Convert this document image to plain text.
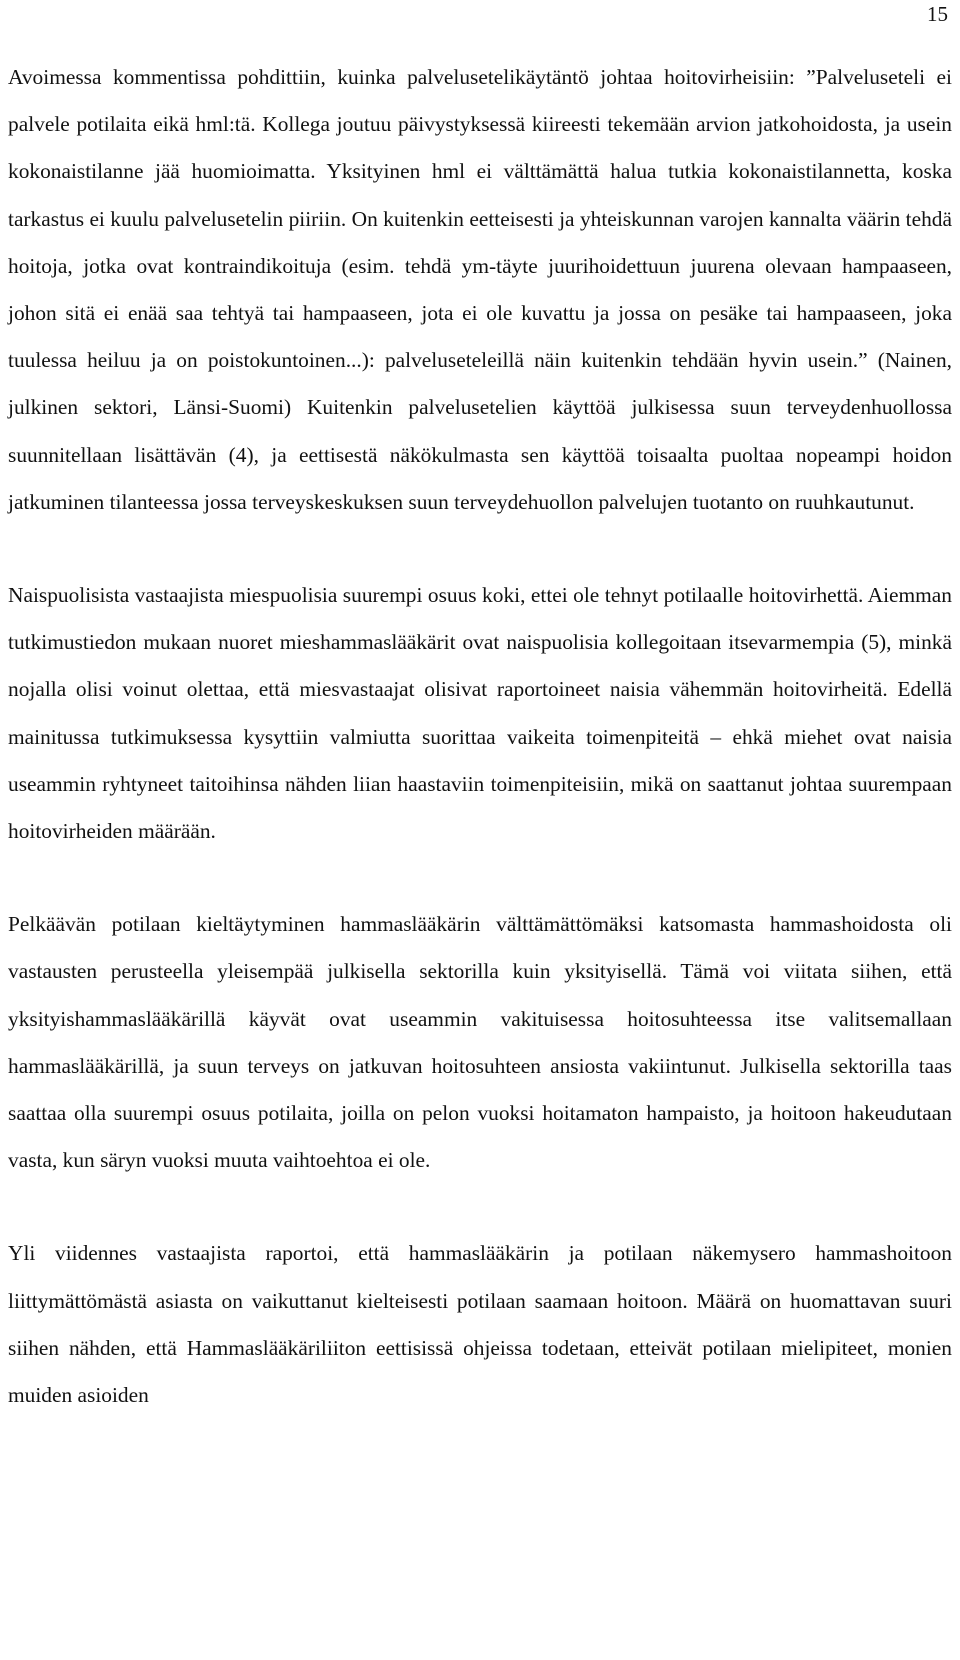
15

Avoimessa kommentissa pohdittiin, kuinka palvelusetelikäytäntö johtaa hoitovirheisiin: ”Palveluseteli ei palvele potilaita eikä hml:tä. Kollega joutuu päivystyksessä kiireesti tekemään arvion jatkohoidosta, ja usein kokonaistilanne jää huomioimatta. Yksityinen hml ei välttämättä halua tutkia kokonaistilannetta, koska tarkastus ei kuulu palvelusetelin piiriin. On kuitenkin eetteisesti ja yhteiskunnan varojen kannalta väärin tehdä hoitoja, jotka ovat kontraindikoituja (esim. tehdä ym-täyte juurihoidettuun juurena olevaan hampaaseen, johon sitä ei enää saa tehtyä tai hampaaseen, jota ei ole kuvattu ja jossa on pesäke tai hampaaseen, joka tuulessa heiluu ja on poistokuntoinen...): palveluseteleillä näin kuitenkin tehdään hyvin usein.” (Nainen, julkinen sektori, Länsi-Suomi) Kuitenkin palvelusetelien käyttöä julkisessa suun terveydenhuollossa suunnitellaan lisättävän (4), ja eettisestä näkökulmasta sen käyttöä toisaalta puoltaa nopeampi hoidon jatkuminen tilanteessa jossa terveyskeskuksen suun terveydehuollon palvelujen tuotanto on ruuhkautunut.

Naispuolisista vastaajista miespuolisia suurempi osuus koki, ettei ole tehnyt potilaalle hoitovirhettä. Aiemman tutkimustiedon mukaan nuoret mieshammaslääkärit ovat naispuolisia kollegoitaan itsevarmempia (5), minkä nojalla olisi voinut olettaa, että miesvastaajat olisivat raportoineet naisia vähemmän hoitovirheitä. Edellä mainitussa tutkimuksessa kysyttiin valmiutta suorittaa vaikeita toimenpiteitä – ehkä miehet ovat naisia useammin ryhtyneet taitoihinsa nähden liian haastaviin toimenpiteisiin, mikä on saattanut johtaa suurempaan hoitovirheiden määrään.

Pelkäävän potilaan kieltäytyminen hammaslääkärin välttämättömäksi katsomasta hammashoidosta oli vastausten perusteella yleisempää julkisella sektorilla kuin yksityisellä. Tämä voi viitata siihen, että yksityishammaslääkärillä käyvät ovat useammin vakituisessa hoitosuhteessa itse valitsemallaan hammaslääkärillä, ja suun terveys on jatkuvan hoitosuhteen ansiosta vakiintunut. Julkisella sektorilla taas saattaa olla suurempi osuus potilaita, joilla on pelon vuoksi hoitamaton hampaisto, ja hoitoon hakeudutaan vasta, kun säryn vuoksi muuta vaihtoehtoa ei ole.

Yli viidennes vastaajista raportoi, että hammaslääkärin ja potilaan näkemysero hammashoitoon liittymättömästä asiasta on vaikuttanut kielteisesti potilaan saamaan hoitoon. Määrä on huomattavan suuri siihen nähden, että Hammaslääkäriliiton eettisissä ohjeissa todetaan, etteivät potilaan mielipiteet, monien muiden asioiden
